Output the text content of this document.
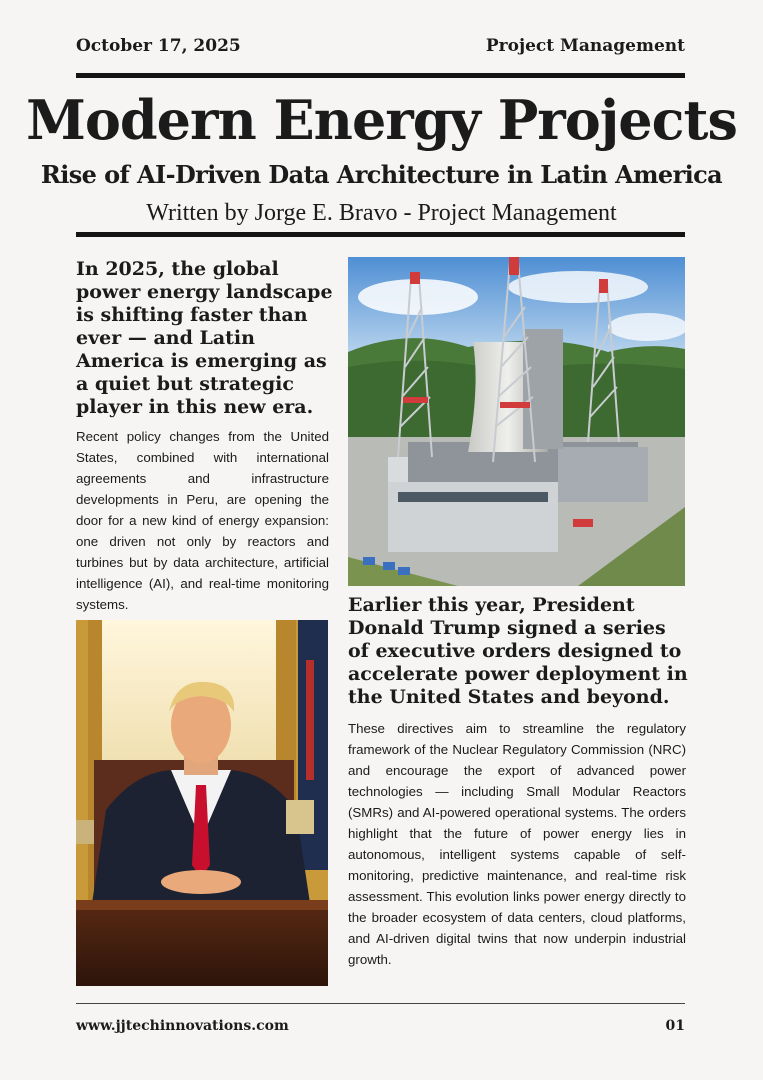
October 17, 2025	Project Management
Modern Energy Projects
Rise of AI-Driven Data Architecture in Latin America
Written by Jorge E. Bravo - Project Management
In 2025, the global power energy landscape is shifting faster than ever — and Latin America is emerging as a quiet but strategic player in this new era.
Recent policy changes from the United States, combined with international agreements and infrastructure developments in Peru, are opening the door for a new kind of energy expansion: one driven not only by reactors and turbines but by data architecture, artificial intelligence (AI), and real-time monitoring systems.	Earlier this year, President Donald Trump signed a series of executive orders designed to accelerate power deployment in the United States and beyond.
These directives aim to streamline the regulatory framework of the Nuclear Regulatory Commission (NRC) and encourage the export of advanced power technologies — including Small Modular Reactors (SMRs) and AI-powered operational systems. The orders highlight that the future of power energy lies in autonomous, intelligent systems capable of self-monitoring, predictive maintenance, and real-time risk assessment. This evolution links power energy directly to the broader ecosystem of data centers, cloud platforms, and AI-driven digital twins that now underpin industrial growth.
www.jjtechinnovations.com	01
